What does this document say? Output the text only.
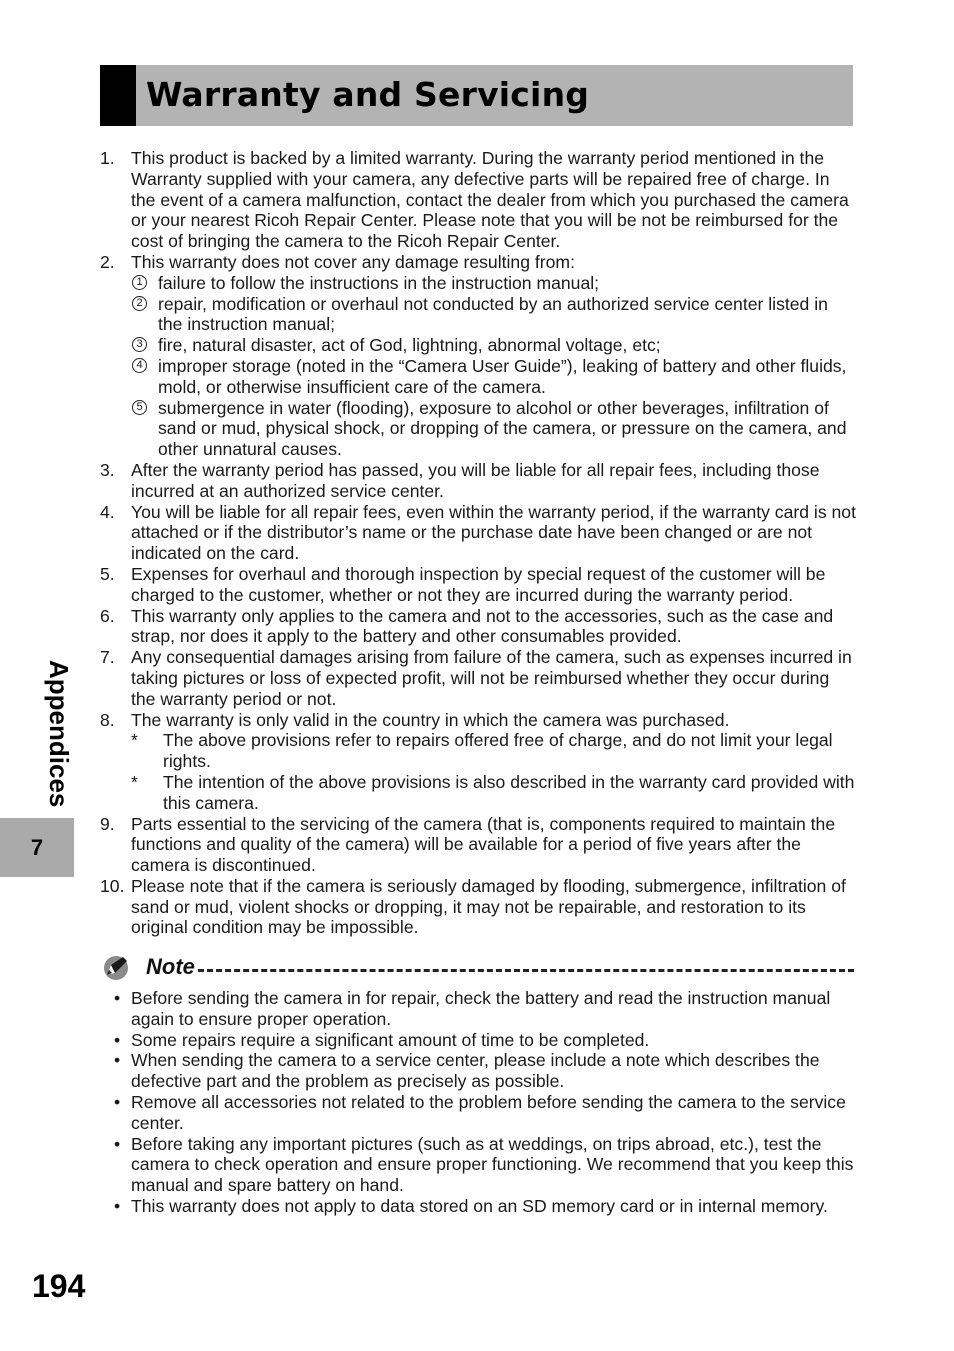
Warranty and Servicing
1. This product is backed by a limited warranty. During the warranty period mentioned in the Warranty supplied with your camera, any defective parts will be repaired free of charge. In the event of a camera malfunction, contact the dealer from which you purchased the camera or your nearest Ricoh Repair Center. Please note that you will be not be reimbursed for the cost of bringing the camera to the Ricoh Repair Center.
2. This warranty does not cover any damage resulting from:
1 failure to follow the instructions in the instruction manual;
2 repair, modification or overhaul not conducted by an authorized service center listed in the instruction manual;
3 fire, natural disaster, act of God, lightning, abnormal voltage, etc;
4 improper storage (noted in the “Camera User Guide”), leaking of battery and other fluids, mold, or otherwise insufficient care of the camera.
5 submergence in water (flooding), exposure to alcohol or other beverages, infiltration of sand or mud, physical shock, or dropping of the camera, or pressure on the camera, and other unnatural causes.
3. After the warranty period has passed, you will be liable for all repair fees, including those incurred at an authorized service center.
4. You will be liable for all repair fees, even within the warranty period, if the warranty card is not attached or if the distributor’s name or the purchase date have been changed or are not indicated on the card.
5. Expenses for overhaul and thorough inspection by special request of the customer will be charged to the customer, whether or not they are incurred during the warranty period.
6. This warranty only applies to the camera and not to the accessories, such as the case and strap, nor does it apply to the battery and other consumables provided.
7. Any consequential damages arising from failure of the camera, such as expenses incurred in taking pictures or loss of expected profit, will not be reimbursed whether they occur during the warranty period or not.
8. The warranty is only valid in the country in which the camera was purchased.
* The above provisions refer to repairs offered free of charge, and do not limit your legal rights.
* The intention of the above provisions is also described in the warranty card provided with this camera.
9. Parts essential to the servicing of the camera (that is, components required to maintain the functions and quality of the camera) will be available for a period of five years after the camera is discontinued.
10. Please note that if the camera is seriously damaged by flooding, submergence, infiltration of sand or mud, violent shocks or dropping, it may not be repairable, and restoration to its original condition may be impossible.
Note
• Before sending the camera in for repair, check the battery and read the instruction manual again to ensure proper operation.
• Some repairs require a significant amount of time to be completed.
• When sending the camera to a service center, please include a note which describes the defective part and the problem as precisely as possible.
• Remove all accessories not related to the problem before sending the camera to the service center.
• Before taking any important pictures (such as at weddings, on trips abroad, etc.), test the camera to check operation and ensure proper functioning. We recommend that you keep this manual and spare battery on hand.
• This warranty does not apply to data stored on an SD memory card or in internal memory.
Appendices
7
194
